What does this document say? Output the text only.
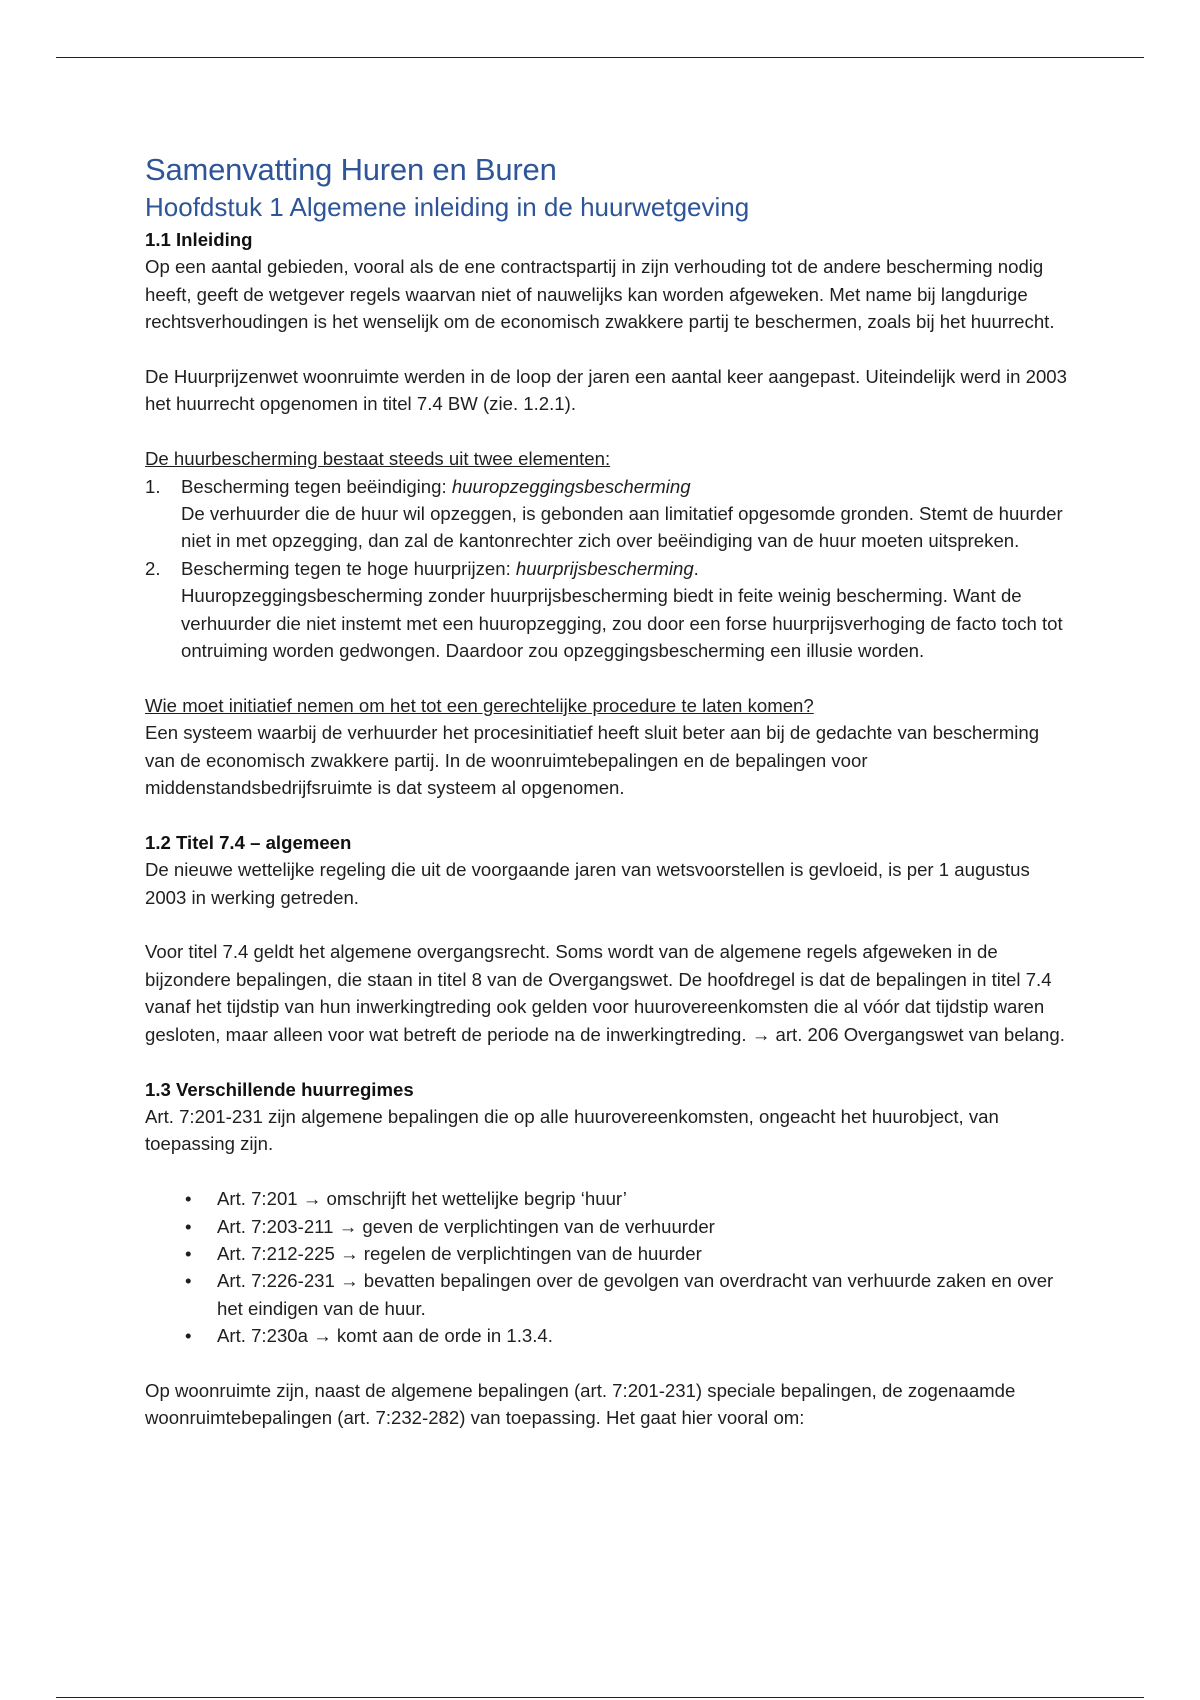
Samenvatting Huren en Buren
Hoofdstuk 1 Algemene inleiding in de huurwetgeving
1.1 Inleiding

Op een aantal gebieden, vooral als de ene contractspartij in zijn verhouding tot de andere bescherming nodig heeft, geeft de wetgever regels waarvan niet of nauwelijks kan worden afgeweken. Met name bij langdurige rechtsverhoudingen is het wenselijk om de economisch zwakkere partij te beschermen, zoals bij het huurrecht.

De Huurprijzenwet woonruimte werden in de loop der jaren een aantal keer aangepast. Uiteindelijk werd in 2003 het huurrecht opgenomen in titel 7.4 BW (zie. 1.2.1).

De huurbescherming bestaat steeds uit twee elementen:

1. Bescherming tegen beëindiging: huuropzeggingsbescherming
De verhuurder die de huur wil opzeggen, is gebonden aan limitatief opgesomde gronden. Stemt de huurder niet in met opzegging, dan zal de kantonrechter zich over beëindiging van de huur moeten uitspreken.
2. Bescherming tegen te hoge huurprijzen: huurprijsbescherming.
Huuropzeggingsbescherming zonder huurprijsbescherming biedt in feite weinig bescherming. Want de verhuurder die niet instemt met een huuropzegging, zou door een forse huurprijsverhoging de facto toch tot ontruiming worden gedwongen. Daardoor zou opzeggingsbescherming een illusie worden.

Wie moet initiatief nemen om het tot een gerechtelijke procedure te laten komen?

Een systeem waarbij de verhuurder het procesinitiatief heeft sluit beter aan bij de gedachte van bescherming van de economisch zwakkere partij. In de woonruimtebepalingen en de bepalingen voor middenstandsbedrijfsruimte is dat systeem al opgenomen.

1.2 Titel 7.4 – algemeen

De nieuwe wettelijke regeling die uit de voorgaande jaren van wetsvoorstellen is gevloeid, is per 1 augustus 2003 in werking getreden.

Voor titel 7.4 geldt het algemene overgangsrecht. Soms wordt van de algemene regels afgeweken in de bijzondere bepalingen, die staan in titel 8 van de Overgangswet. De hoofdregel is dat de bepalingen in titel 7.4 vanaf het tijdstip van hun inwerkingtreding ook gelden voor huurovereenkomsten die al vóór dat tijdstip waren gesloten, maar alleen voor wat betreft de periode na de inwerkingtreding. → art. 206 Overgangswet van belang.

1.3 Verschillende huurregimes

Art. 7:201-231 zijn algemene bepalingen die op alle huurovereenkomsten, ongeacht het huurobject, van toepassing zijn.

• Art. 7:201 → omschrijft het wettelijke begrip ‘huur’
• Art. 7:203-211 → geven de verplichtingen van de verhuurder
• Art. 7:212-225 → regelen de verplichtingen van de huurder
• Art. 7:226-231 → bevatten bepalingen over de gevolgen van overdracht van verhuurde zaken en over het eindigen van de huur.
• Art. 7:230a → komt aan de orde in 1.3.4.

Op woonruimte zijn, naast de algemene bepalingen (art. 7:201-231) speciale bepalingen, de zogenaamde woonruimtebepalingen (art. 7:232-282) van toepassing. Het gaat hier vooral om:
